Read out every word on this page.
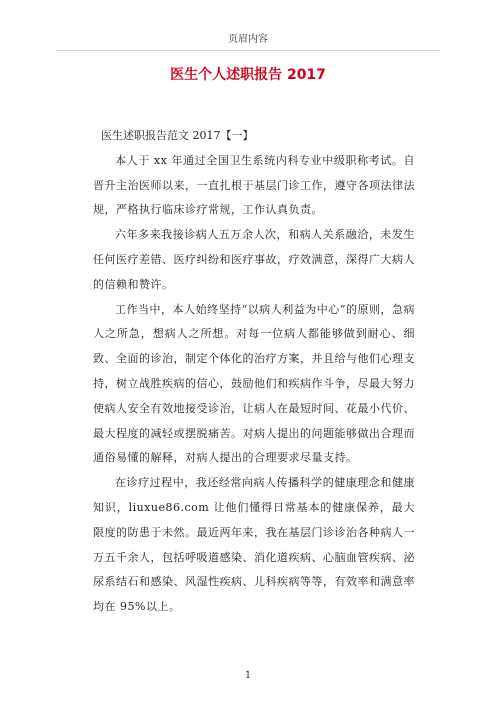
页眉内容
医生个人述职报告 2017
医生述职报告范文 2017【一】

本人于 xx 年通过全国卫生系统内科专业中级职称考试。自晋升主治医师以来，一直扎根于基层门诊工作，遵守各项法律法规，严格执行临床诊疗常规，工作认真负责。

六年多来我接诊病人五万余人次，和病人关系融洽，未发生任何医疗差错、医疗纠纷和医疗事故，疗效满意，深得广大病人的信赖和赞许。

工作当中，本人始终坚持“以病人利益为中心”的原则，急病人之所急，想病人之所想。对每一位病人都能够做到耐心、细致、全面的诊治，制定个体化的治疗方案，并且给与他们心理支持，树立战胜疾病的信心，鼓励他们和疾病作斗争，尽最大努力使病人安全有效地接受诊治，让病人在最短时间、花最小代价、最大程度的减轻或摆脱痛苦。对病人提出的问题能够做出合理而通俗易懂的解释，对病人提出的合理要求尽量支持。

在诊疗过程中，我还经常向病人传播科学的健康理念和健康知识，liuxue86.com 让他们懂得日常基本的健康保养，最大限度的防患于未然。最近两年来，我在基层门诊诊治各种病人一万五千余人，包括呼吸道感染、消化道疾病、心脑血管疾病、泌尿系结石和感染、风湿性疾病、儿科疾病等等，有效率和满意率均在 95%以上。

1
